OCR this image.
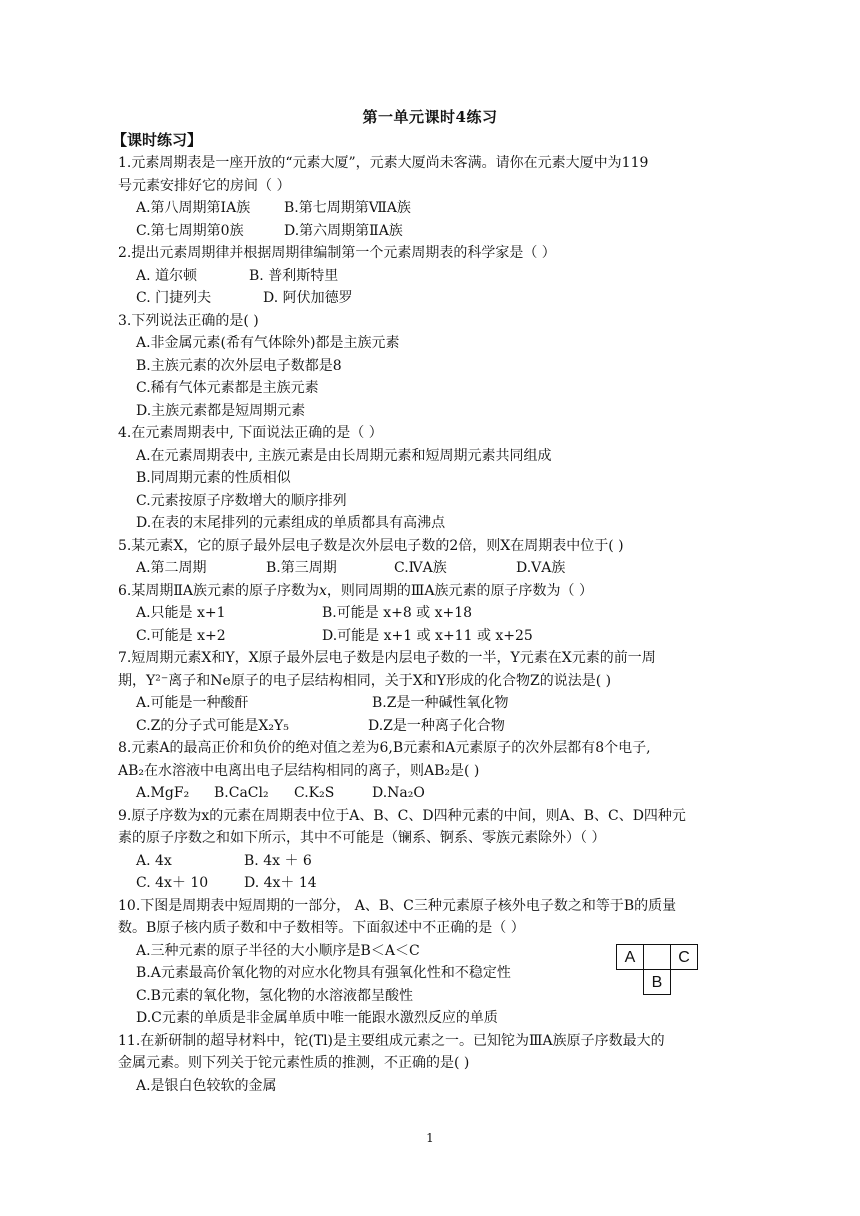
第一单元课时4练习
【课时练习】
1.元素周期表是一座开放的“元素大厦”，元素大厦尚未客满。请你在元素大厦中为119
号元素安排好它的房间（ ）
A.第八周期第IA族 B.第七周期第ⅦA族
C.第七周期第0族	D.第六周期第ⅡA族
2.提出元素周期律并根据周期律编制第一个元素周期表的科学家是（ ）
A. 道尔顿	B. 普利斯特里
C. 门捷列夫	D. 阿伏加德罗
3.下列说法正确的是( )
A.非金属元素(希有气体除外)都是主族元素
B.主族元素的次外层电子数都是8
C.稀有气体元素都是主族元素
D.主族元素都是短周期元素
4.在元素周期表中, 下面说法正确的是（ ）
A.在元素周期表中, 主族元素是由长周期元素和短周期元素共同组成
B.同周期元素的性质相似
C.元素按原子序数增大的顺序排列
D.在表的末尾排列的元素组成的单质都具有高沸点
5.某元素X，它的原子最外层电子数是次外层电子数的2倍，则X在周期表中位于( )
A.第二周期	B.第三周期	C.ⅣA族	D.ⅤA族
6.某周期ⅡA族元素的原子序数为x，则同周期的ⅢA族元素的原子序数为（ ）
A.只能是 x+1	B.可能是 x+8 或 x+18
C.可能是 x+2	D.可能是 x+1 或 x+11 或 x+25
7.短周期元素X和Y，X原子最外层电子数是内层电子数的一半，Y元素在X元素的前一周
期，Y²⁻离子和Ne原子的电子层结构相同，关于X和Y形成的化合物Z的说法是( )
A.可能是一种酸酐	B.Z是一种碱性氧化物
C.Z的分子式可能是X₂Y₅	D.Z是一种离子化合物
8.元素A的最高正价和负价的绝对值之差为6,B元素和A元素原子的次外层都有8个电子,
AB₂在水溶液中电离出电子层结构相同的离子，则AB₂是( )
A.MgF₂ B.CaCl₂ C.K₂S	D.Na₂O
9.原子序数为x的元素在周期表中位于A、B、C、D四种元素的中间，则A、B、C、D四种元
素的原子序数之和如下所示，其中不可能是（镧系、锕系、零族元素除外）（ ）
A. 4x	B. 4x ＋ 6
C. 4x＋ 10	D. 4x＋ 14
10.下图是周期表中短周期的一部分， A、B、C三种元素原子核外电子数之和等于B的质量
数。B原子核内质子数和中子数相等。下面叙述中不正确的是（ ）
A.三种元素的原子半径的大小顺序是B＜A＜C
B.A元素最高价氧化物的对应水化物具有强氧化性和不稳定性
C.B元素的氧化物，氢化物的水溶液都呈酸性
D.C元素的单质是非金属单质中唯一能跟水激烈反应的单质
11.在新研制的超导材料中，铊(Tl)是主要组成元素之一。已知铊为ⅢA族原子序数最大的
金属元素。则下列关于铊元素性质的推测，不正确的是( )
A.是银白色较软的金属
A	C
B
1
